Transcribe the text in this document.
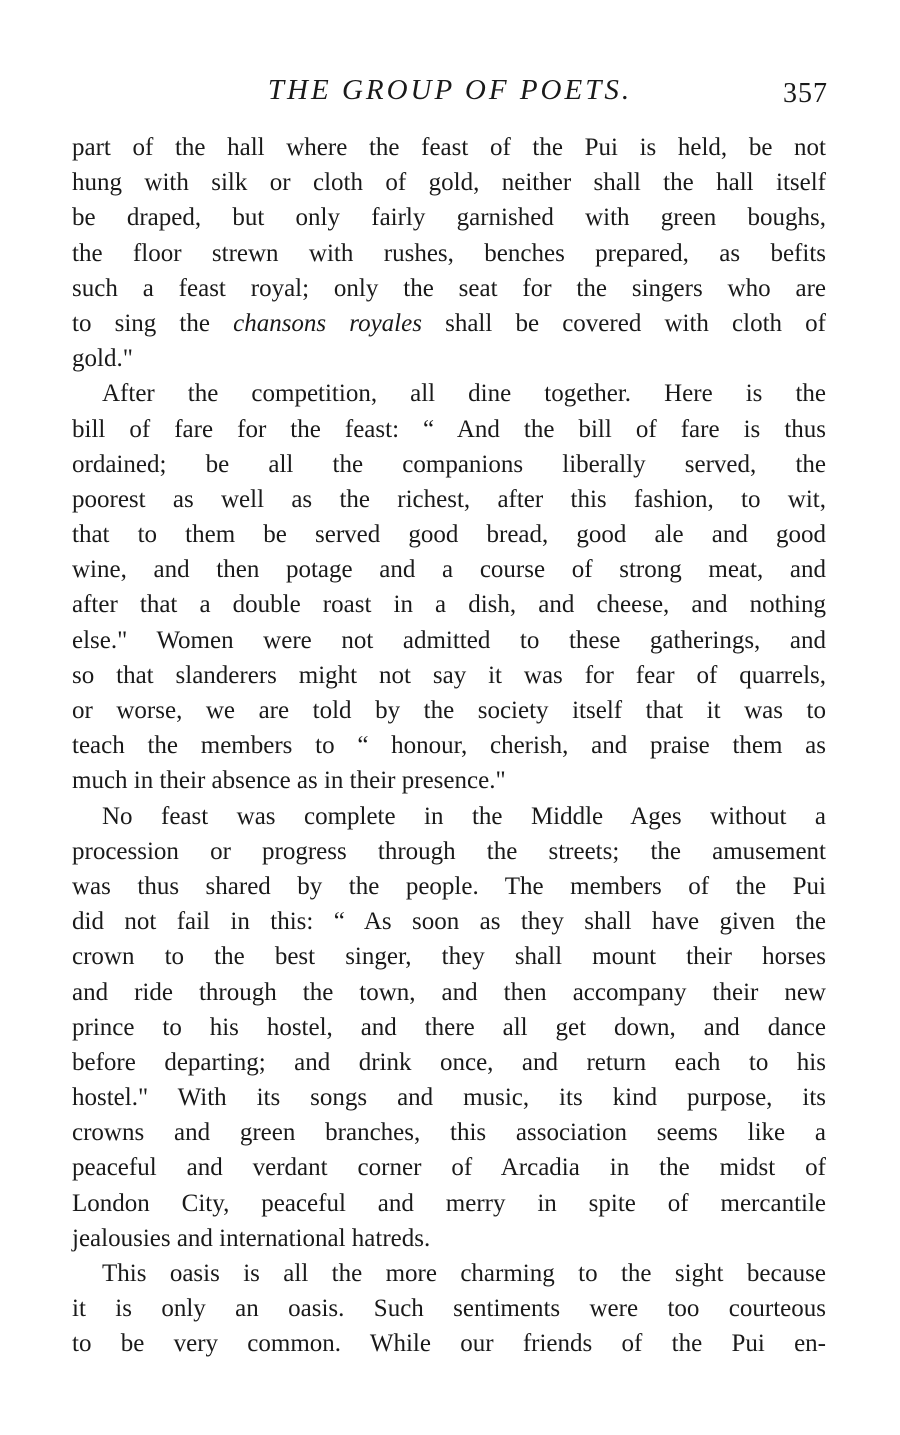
THE GROUP OF POETS.	357
part of the hall where the feast of the Pui is held, be not
hung with silk or cloth of gold, neither shall the hall itself
be draped, but only fairly garnished with green boughs,
the floor strewn with rushes, benches prepared, as befits
such a feast royal; only the seat for the singers who are
to sing the chansons royales shall be covered with cloth of
gold."
After the competition, all dine together. Here is the
bill of fare for the feast: “ And the bill of fare is thus
ordained; be all the companions liberally served, the
poorest as well as the richest, after this fashion, to wit,
that to them be served good bread, good ale and good
wine, and then potage and a course of strong meat, and
after that a double roast in a dish, and cheese, and nothing
else." Women were not admitted to these gatherings, and
so that slanderers might not say it was for fear of quarrels,
or worse, we are told by the society itself that it was to
teach the members to “ honour, cherish, and praise them as
much in their absence as in their presence."
No feast was complete in the Middle Ages without a
procession or progress through the streets; the amusement
was thus shared by the people. The members of the Pui
did not fail in this: “ As soon as they shall have given the
crown to the best singer, they shall mount their horses
and ride through the town, and then accompany their new
prince to his hostel, and there all get down, and dance
before departing; and drink once, and return each to his
hostel." With its songs and music, its kind purpose, its
crowns and green branches, this association seems like a
peaceful and verdant corner of Arcadia in the midst of
London City, peaceful and merry in spite of mercantile
jealousies and international hatreds.
This oasis is all the more charming to the sight because
it is only an oasis. Such sentiments were too courteous
to be very common. While our friends of the Pui en-
